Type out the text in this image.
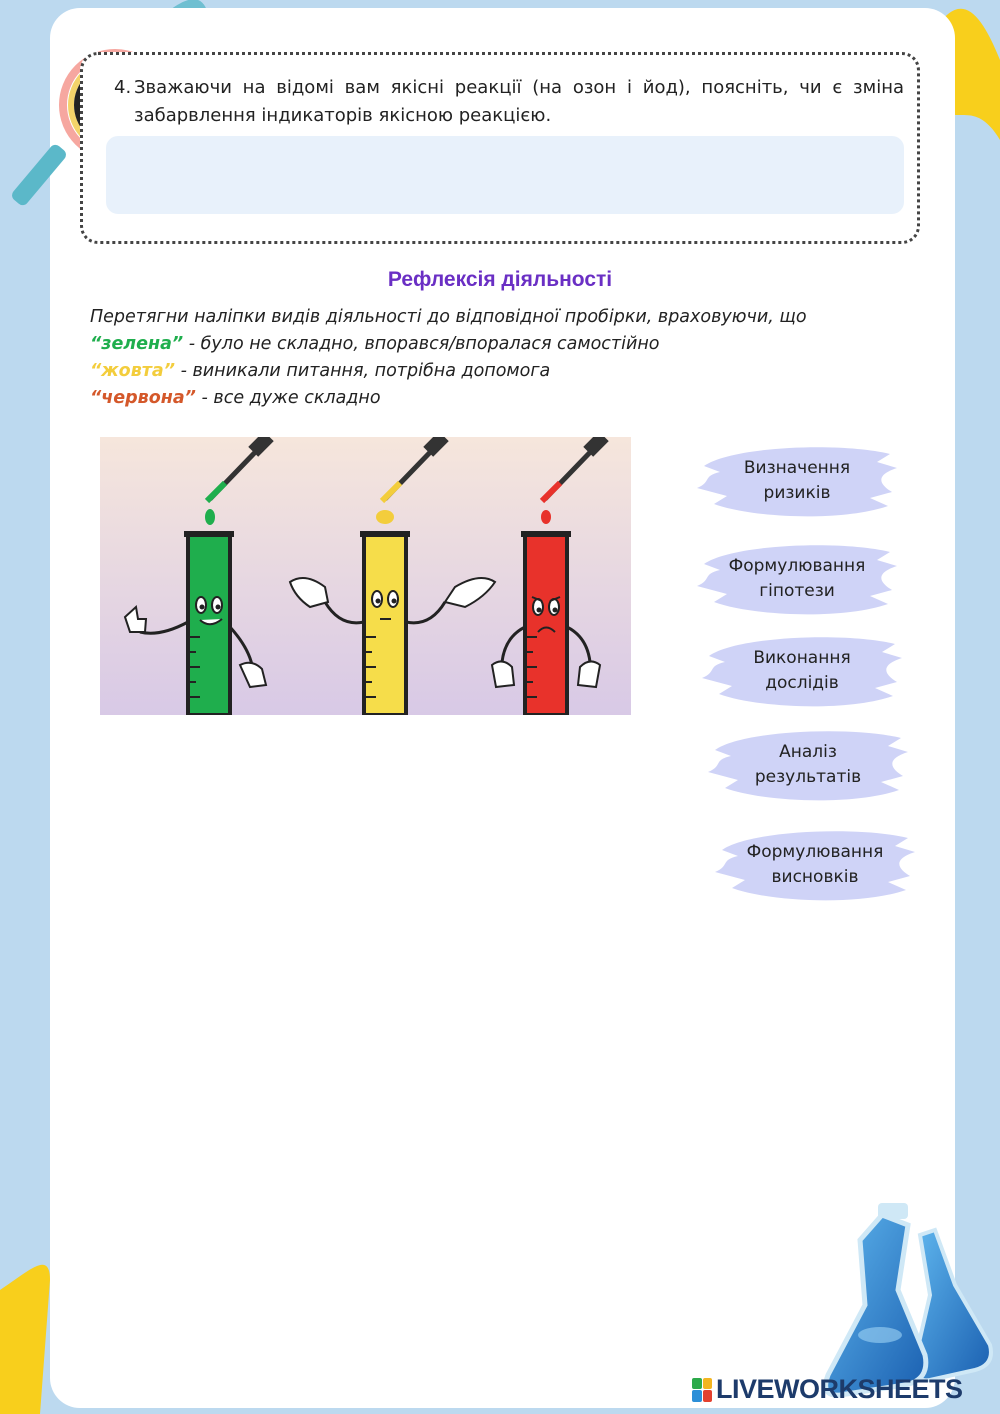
4. Зважаючи на відомі вам якісні реакції (на озон і йод), поясніть, чи є зміна забарвлення індикаторів якісною реакцією.
Рефлексія діяльності
Перетягни наліпки видів діяльності до відповідної пробірки, враховуючи, що
“зелена” - було не складно, впорався/впоралася самостійно
“жовта” - виникали питання, потрібна допомога
“червона” - все дуже складно
Визначення
ризиків
Формулювання
гіпотези
Виконання
дослідів
Аналіз
результатів
Формулювання
висновків
LIVEWORKSHEETS
